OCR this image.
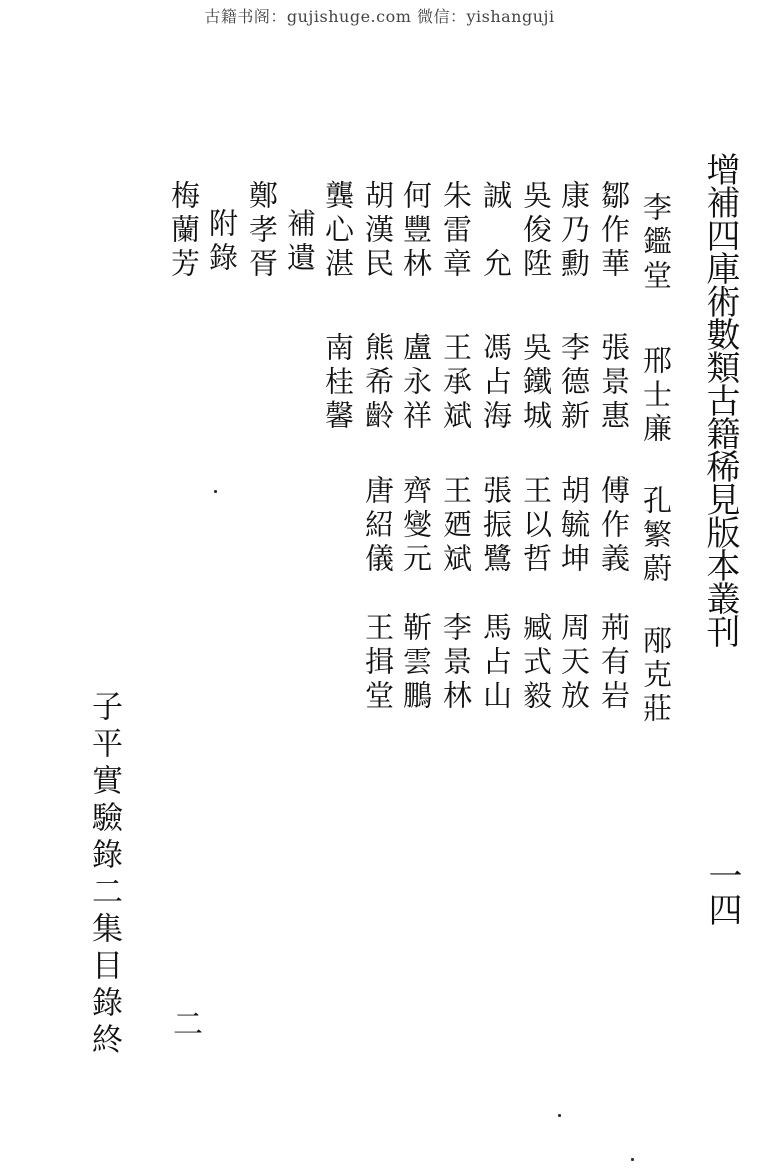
古籍书阁：gujishuge.com 微信：yishanguji
增補四庫術數類古籍稀見版本叢刊
一四
李鑑堂
邢士廉
孔繁蔚
邴克莊
鄒作華
張景惠
傅作義
荊有岩
康乃勳
李德新
胡毓坤
周天放
吳俊陞
吳鐵城
王以哲
臧式毅
誠　允
馮占海
張振鷺
馬占山
朱雷章
王承斌
王廼斌
李景林
何豐林
盧永祥
齊燮元
靳雲鵬
胡漢民
熊希齡
唐紹儀
王揖堂
龔心湛
南桂馨
補遺
鄭孝胥
附錄
梅蘭芳
子平實驗錄二集目錄終 二
